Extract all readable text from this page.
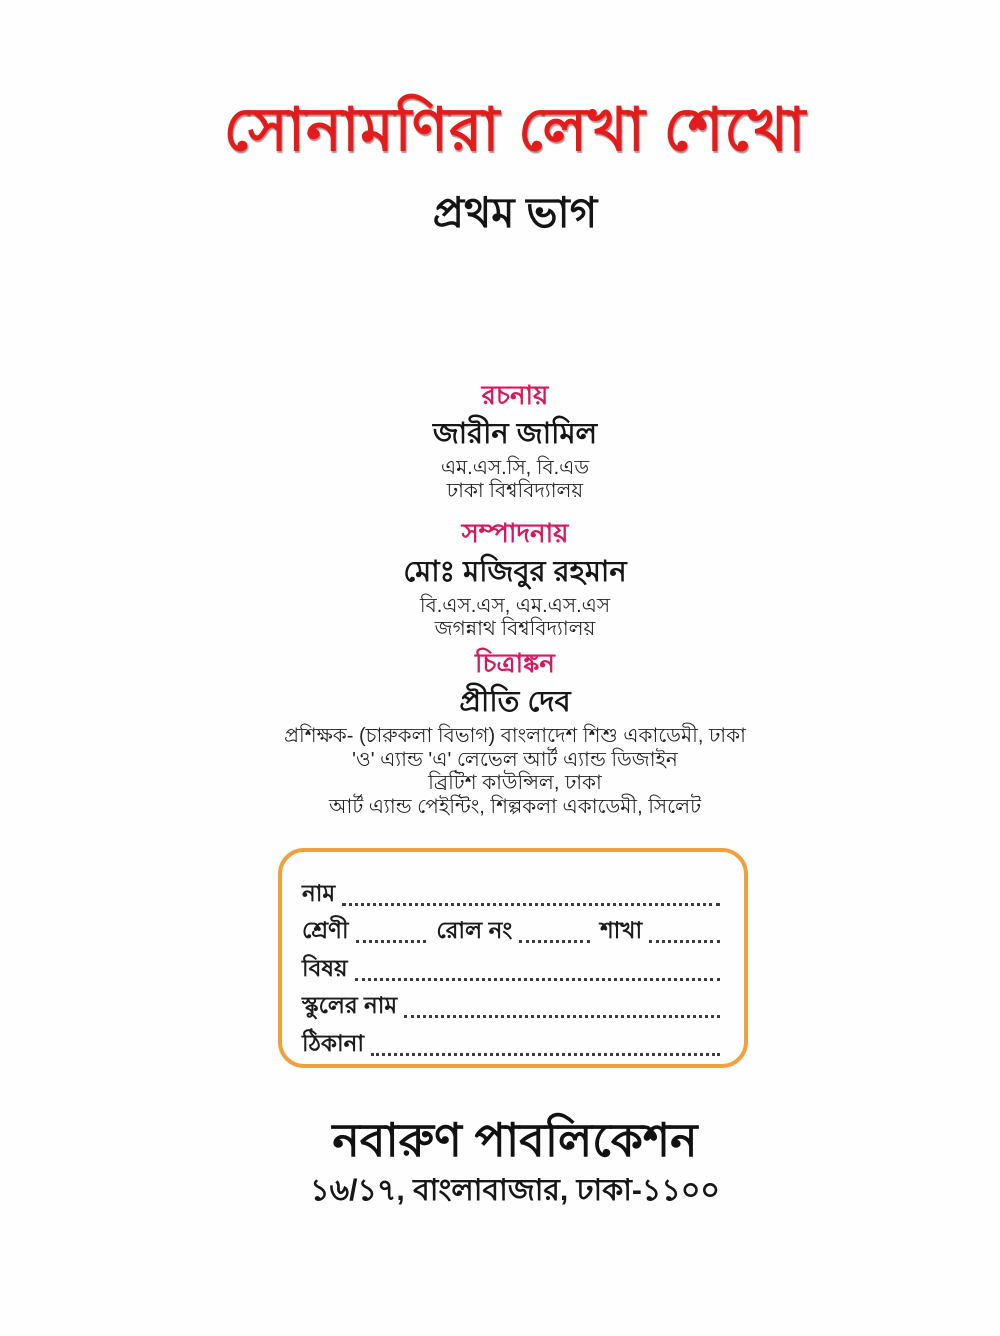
সোনামণিরা লেখা শেখো
প্রথম ভাগ
রচনায়
জারীন জামিল
এম.এস.সি, বি.এড
ঢাকা বিশ্ববিদ্যালয়
সম্পাদনায়
মোঃ মজিবুর রহমান
বি.এস.এস, এম.এস.এস
জগন্নাথ বিশ্ববিদ্যালয়
চিত্রাঙ্কন
প্রীতি দেব
প্রশিক্ষক- (চারুকলা বিভাগ) বাংলাদেশ শিশু একাডেমী, ঢাকা
'ও' এ্যান্ড 'এ' লেভেল আর্ট এ্যান্ড ডিজাইন
ব্রিটিশ কাউন্সিল, ঢাকা
আর্ট এ্যান্ড পেইন্টিং, শিল্পকলা একাডেমী, সিলেট
নাম
শ্রেণী	রোল নং	শাখা
বিষয়
স্কুলের নাম
ঠিকানা
নবারুণ পাবলিকেশন
১৬/১৭, বাংলাবাজার, ঢাকা-১১০০
